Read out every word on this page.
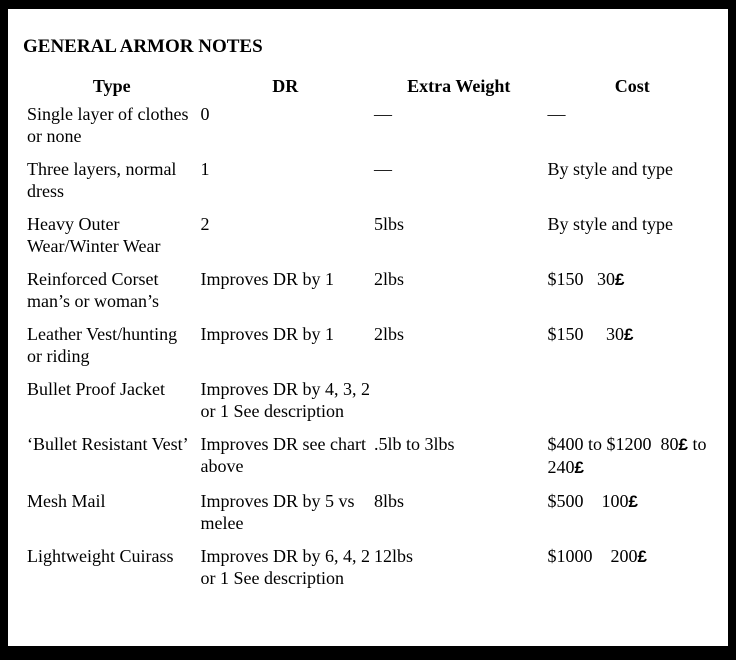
GENERAL ARMOR NOTES
Type	DR	Extra Weight	Cost
Single layer of clothes or none	0	—	—
Three layers, normal dress	1	—	By style and type
Heavy Outer Wear/Winter Wear	2	5lbs	By style and type
Reinforced Corset man’s or woman’s	Improves DR by 1	2lbs	$150   30£
Leather Vest/hunting or riding	Improves DR by 1	2lbs	$150     30£
Bullet Proof Jacket	Improves DR by 4, 3, 2 or 1 See description		
‘Bullet Resistant Vest’	Improves DR see chart above	.5lb to 3lbs	$400 to $1200  80£ to 240£
Mesh Mail	Improves DR by 5 vs melee	8lbs	$500    100£
Lightweight Cuirass	Improves DR by 6, 4, 2 or 1 See description	12lbs	$1000    200£
